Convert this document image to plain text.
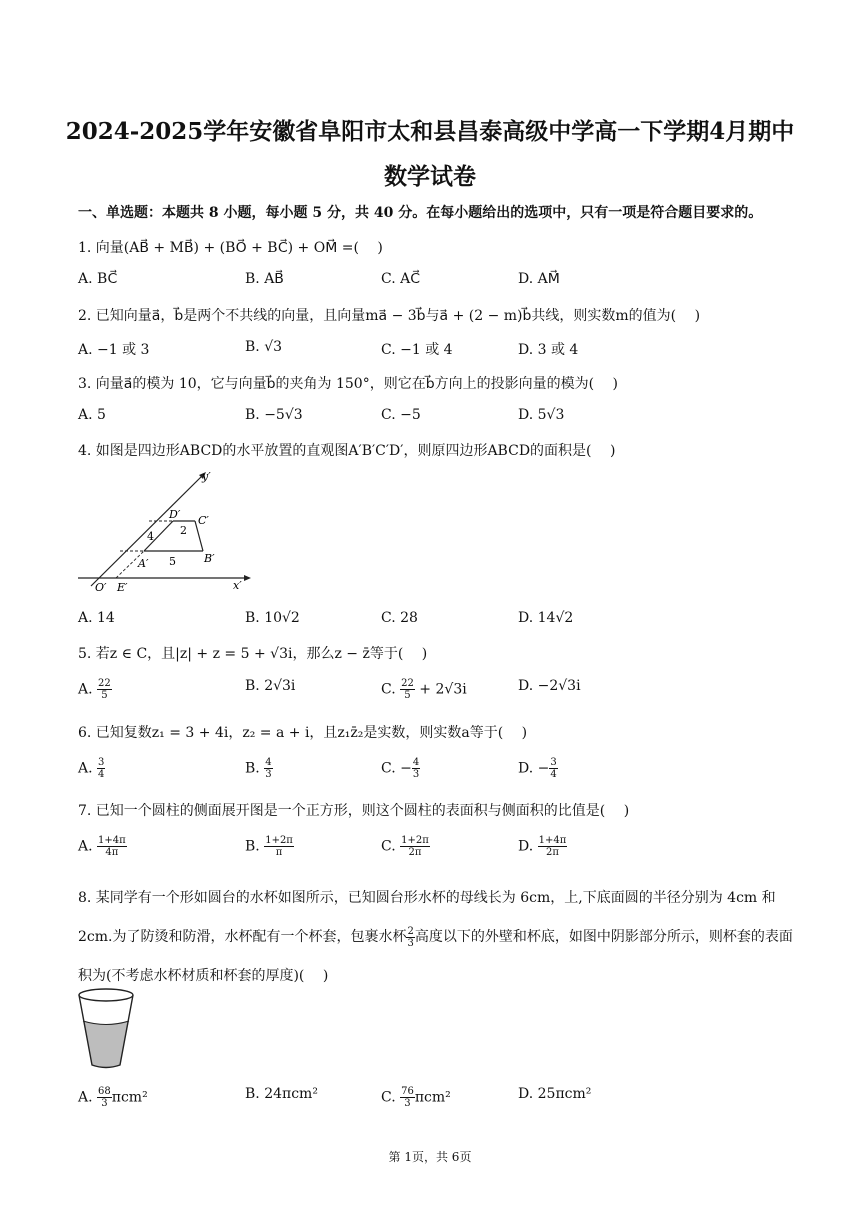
2024-2025学年安徽省阜阳市太和县昌泰高级中学高一下学期4月期中
数学试卷
一、单选题：本题共 8 小题，每小题 5 分，共 40 分。在每小题给出的选项中，只有一项是符合题目要求的。
1. 向量(AB⃗ + MB⃗) + (BO⃗ + BC⃗) + OM⃗ =(　 )
A. BC⃗	B. AB⃗	C. AC⃗	D. AM⃗
2. 已知向量a⃗，b⃗是两个不共线的向量，且向量ma⃗ − 3b⃗与a⃗ + (2 − m)b⃗共线，则实数m的值为(　 )
A. −1 或 3	B. √3	C. −1 或 4	D. 3 或 4
3. 向量a⃗的模为 10，它与向量b⃗的夹角为 150°，则它在b⃗方向上的投影向量的模为(　 )
A. 5	B. −5√3	C. −5	D. 5√3
4. 如图是四边形ABCD的水平放置的直观图A′B′C′D′，则原四边形ABCD的面积是(　 )
y′
x′
O′ E′
A′	B′
C′
D′
4
5
2
A. 14	B. 10√2	C. 28	D. 14√2
5. 若z ∈ C，且|z| + z = 5 + √3i，那么z − z̄等于(　 )
A. $\frac{22}{5}$	B. 2√3i	C. $\frac{22}{5} + 2√3i$	D. −2√3i
6. 已知复数z₁ = 3 + 4i，z₂ = a + i，且z₁z̄₂是实数，则实数a等于(　 )
A. $\frac{3}{4}$	B. $\frac{4}{3}$	C. − $\frac{4}{3}$	D. − $\frac{3}{4}$
7. 已知一个圆柱的侧面展开图是一个正方形，则这个圆柱的表面积与侧面积的比值是(　 )
A. $\frac{1+4\pi}{4\pi}$	B. $\frac{1+2\pi}{\pi}$	C. $\frac{1+2\pi}{2\pi}$	D. $\frac{1+4\pi}{2\pi}$
8. 某同学有一个形如圆台的水杯如图所示，已知圆台形水杯的母线长为 6cm，上,下底面圆的半径分别为 4cm 和 2cm.为了防烫和防滑，水杯配有一个杯套，包裹水杯 $\frac{2}{3}$ 高度以下的外壁和杯底，如图中阴影部分所示，则杯套的表面积为(不考虑水杯材质和杯套的厚度)(　 )
A. $\frac{68}{3} \pi cm^2$	B. 24πcm²	C. $\frac{76}{3} \pi cm^2$	D. 25πcm²
第 1页，共 6页
